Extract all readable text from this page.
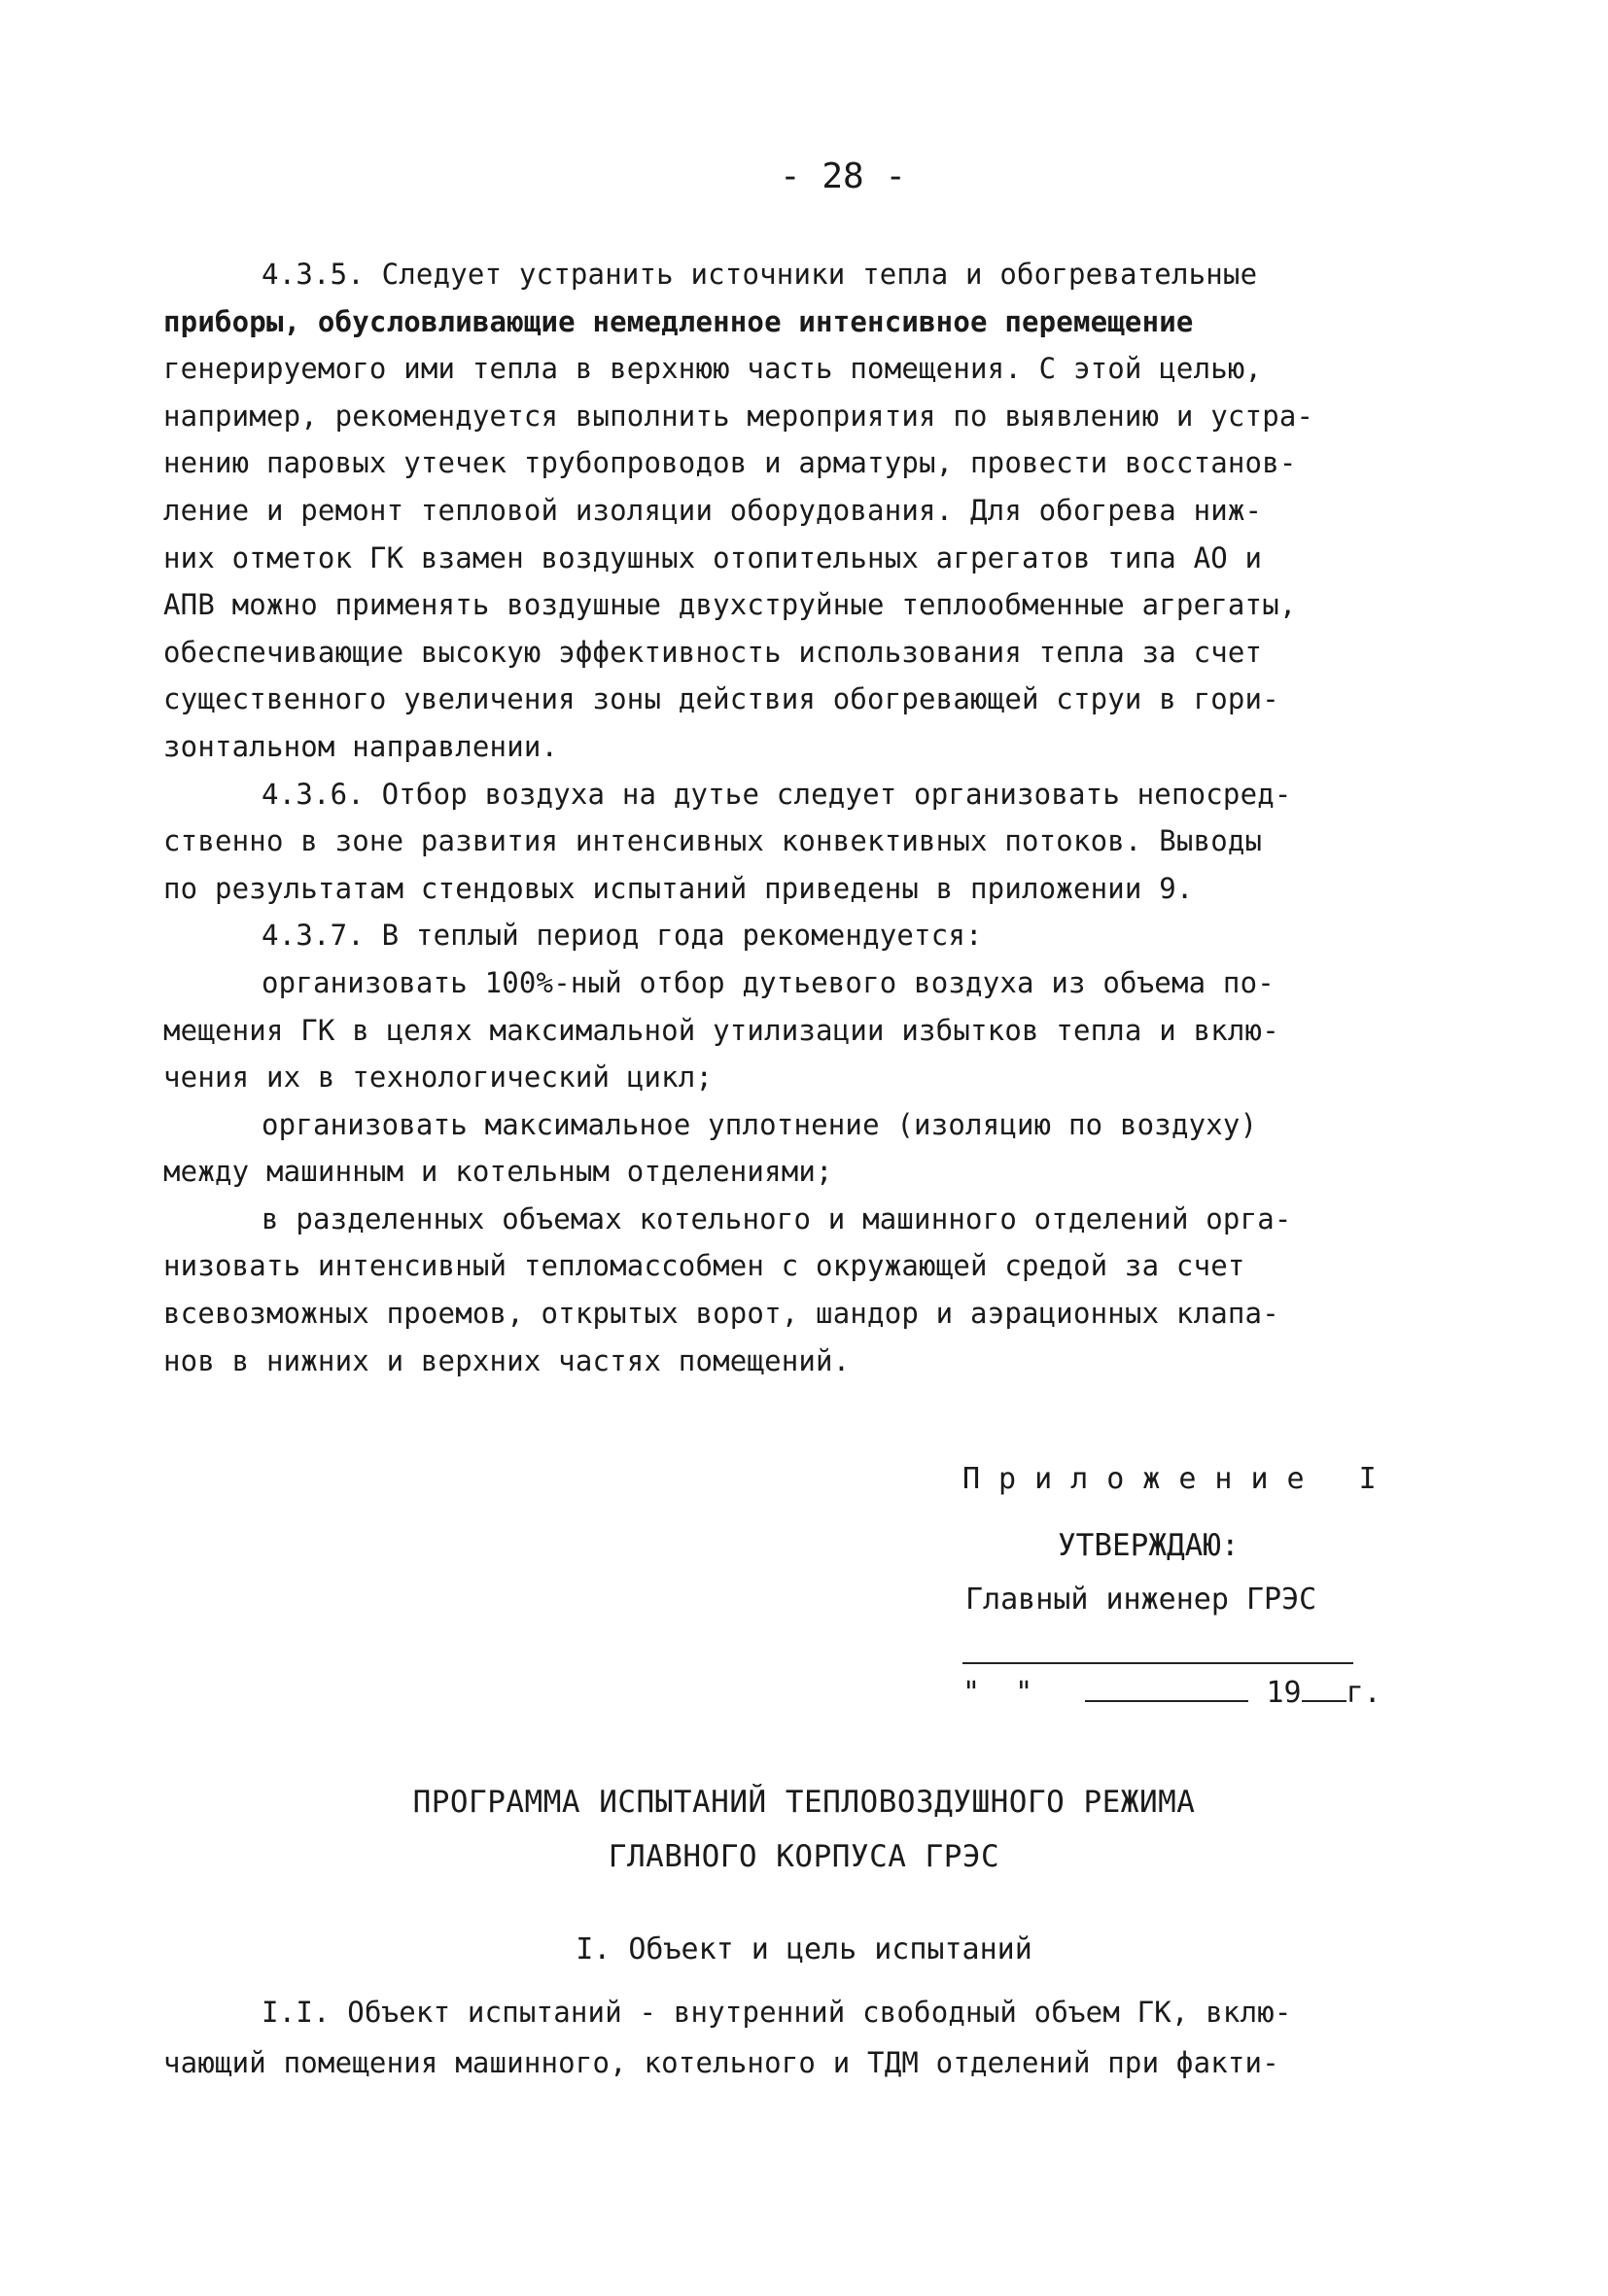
- 28 -

4.3.5. Следует устранить источники тепла и обогревательные
приборы, обусловливающие немедленное интенсивное перемещение
генерируемого ими тепла в верхнюю часть помещения. С этой целью,
например, рекомендуется выполнить мероприятия по выявлению и устра-
нению паровых утечек трубопроводов и арматуры, провести восстанов-
ление и ремонт тепловой изоляции оборудования. Для обогрева ниж-
них отметок ГК взамен воздушных отопительных агрегатов типа АО и
АПВ можно применять воздушные двухструйные теплообменные агрегаты,
обеспечивающие высокую эффективность использования тепла за счет
существенного увеличения зоны действия обогревающей струи в гори-
зонтальном направлении.

4.3.6. Отбор воздуха на дутье следует организовать непосред-
ственно в зоне развития интенсивных конвективных потоков. Выводы
по результатам стендовых испытаний приведены в приложении 9.

4.3.7. В теплый период года рекомендуется:

организовать 100%-ный отбор дутьевого воздуха из объема по-
мещения ГК в целях максимальной утилизации избытков тепла и вклю-
чения их в технологический цикл;

организовать максимальное уплотнение (изоляцию по воздуху)
между машинным и котельным отделениями;

в разделенных объемах котельного и машинного отделений орга-
низовать интенсивный тепломассобмен с окружающей средой за счет
всевозможных проемов, открытых ворот, шандор и аэрационных клапа-
нов в нижних и верхних частях помещений.

Приложение I
УТВЕРЖДАЮ:
Главный инженер ГРЭС
"  "	19 г.
ПРОГРАММА ИСПЫТАНИЙ ТЕПЛОВОЗДУШНОГО РЕЖИМА
ГЛАВНОГО КОРПУСА ГРЭС
I. Объект и цель испытаний
I.I. Объект испытаний - внутренний свободный объем ГК, вклю-
чающий помещения машинного, котельного и ТДМ отделений при факти-
